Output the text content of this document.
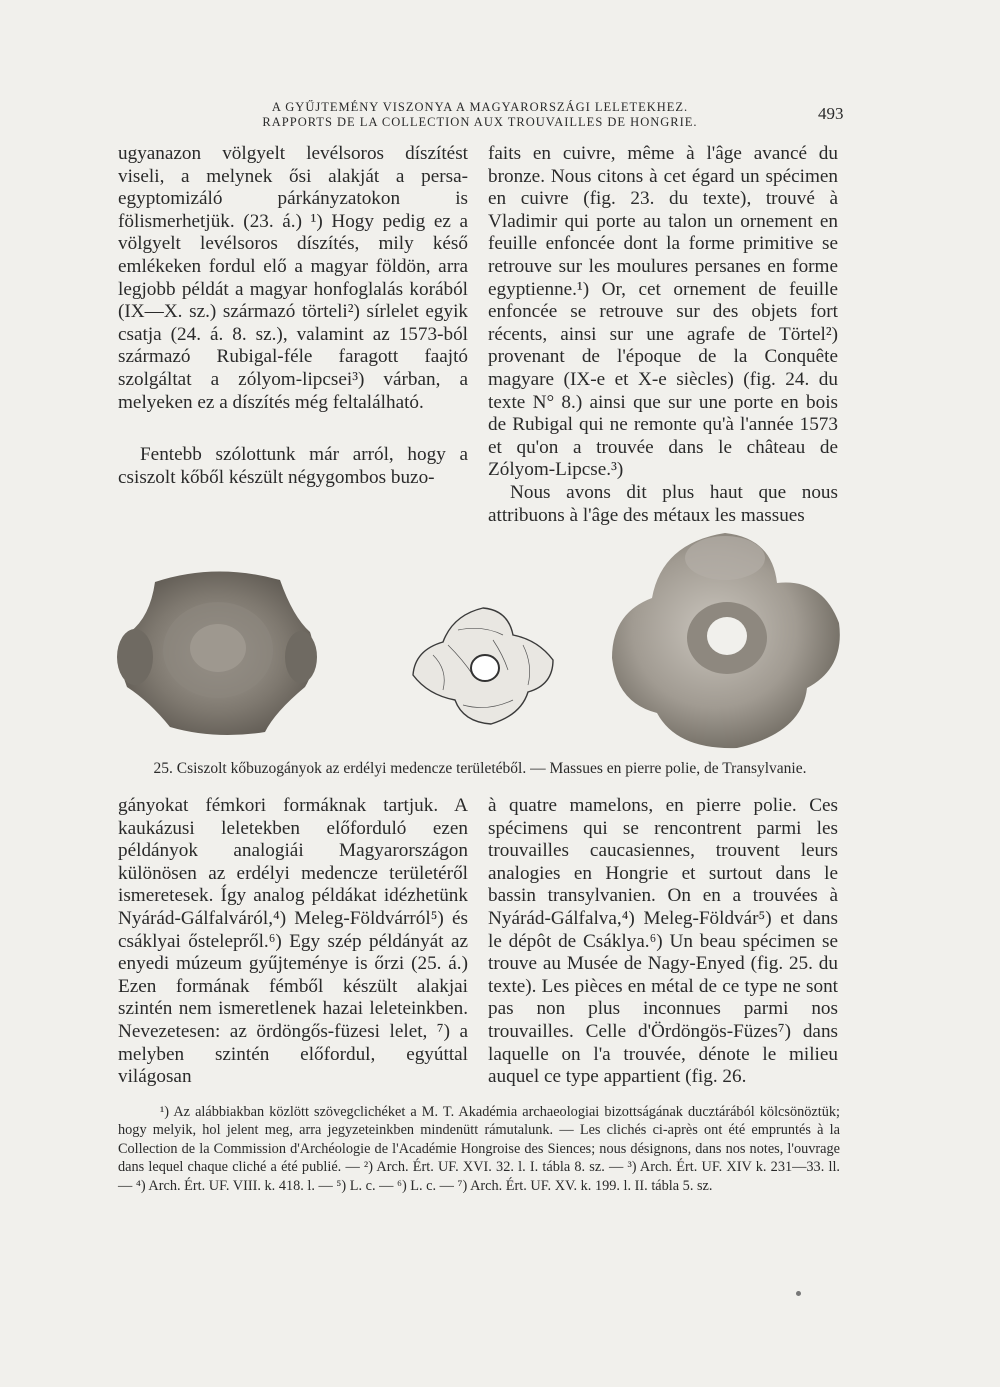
A GYŰJTEMÉNY VISZONYA A MAGYARORSZÁGI LELETEKHEZ.
RAPPORTS DE LA COLLECTION AUX TROUVAILLES DE HONGRIE.	493

ugyanazon völgyelt levélsoros díszítést viseli, a melynek ősi alakját a persa-egyptomizáló párkányzatokon is fölismerhetjük. (23. á.) ¹) Hogy pedig ez a völgyelt levélsoros díszítés, mily késő emlékeken fordul elő a magyar földön, arra legjobb példát a magyar honfoglalás korából (IX—X. sz.) származó törteli²) sírlelet egyik csatja (24. á. 8. sz.), valamint az 1573-ból származó Rubigal-féle faragott faajtó szolgáltat a zólyom-lipcsei³) várban, a melyeken ez a díszítés még feltalálható.

Fentebb szólottunk már arról, hogy a csiszolt kőből készült négygombos buzo-

faits en cuivre, même à l'âge avancé du bronze. Nous citons à cet égard un spécimen en cuivre (fig. 23. du texte), trouvé à Vladimir qui porte au talon un ornement en feuille enfoncée dont la forme primitive se retrouve sur les moulures persanes en forme egyptienne.¹) Or, cet ornement de feuille enfoncée se retrouve sur des objets fort récents, ainsi sur une agrafe de Törtel²) provenant de l'époque de la Conquête magyare (IX-e et X-e siècles) (fig. 24. du texte N° 8.) ainsi que sur une porte en bois de Rubigal qui ne remonte qu'à l'année 1573 et qu'on a trouvée dans le château de Zólyom-Lipcse.³)

Nous avons dit plus haut que nous attribuons à l'âge des métaux les massues

25. Csiszolt kőbuzogányok az erdélyi medencze területéből. — Massues en pierre polie, de Transylvanie.

gányokat fémkori formáknak tartjuk. A kaukázusi leletekben előforduló ezen példányok analogiái Magyarországon különösen az erdélyi medencze területéről ismeretesek. Így analog példákat idézhetünk Nyárád-Gálfalváról,⁴) Meleg-Földvárról⁵) és csáklyai őstelepről.⁶) Egy szép példányát az enyedi múzeum gyűjteménye is őrzi (25. á.) Ezen formának fémből készült alakjai szintén nem ismeretlenek hazai leleteinkben. Nevezetesen: az ördöngős-füzesi lelet, ⁷) a melyben szintén előfordul, egyúttal világosan

à quatre mamelons, en pierre polie. Ces spécimens qui se rencontrent parmi les trouvailles caucasiennes, trouvent leurs analogies en Hongrie et surtout dans le bassin transylvanien. On en a trouvées à Nyárád-Gálfalva,⁴) Meleg-Földvár⁵) et dans le dépôt de Csáklya.⁶) Un beau spécimen se trouve au Musée de Nagy-Enyed (fig. 25. du texte). Les pièces en métal de ce type ne sont pas non plus inconnues parmi nos trouvailles. Celle d'Ördöngös-Füzes⁷) dans laquelle on l'a trouvée, dénote le milieu auquel ce type appartient (fig. 26.

¹) Az alábbiakban közlött szövegclichéket a M. T. Akadémia archaeologiai bizottságának ducztárából kölcsönöztük; hogy melyik, hol jelent meg, arra jegyzeteinkben mindenütt rámutalunk. — Les clichés ci-après ont été empruntés à la Collection de la Commission d'Archéologie de l'Académie Hongroise des Siences; nous désignons, dans nos notes, l'ouvrage dans lequel chaque cliché a été publié. — ²) Arch. Ért. UF. XVI. 32. l. I. tábla 8. sz. — ³) Arch. Ért. UF. XIV k. 231—33. ll. — ⁴) Arch. Ért. UF. VIII. k. 418. l. — ⁵) L. c. — ⁶) L. c. — ⁷) Arch. Ért. UF. XV. k. 199. l. II. tábla 5. sz.
